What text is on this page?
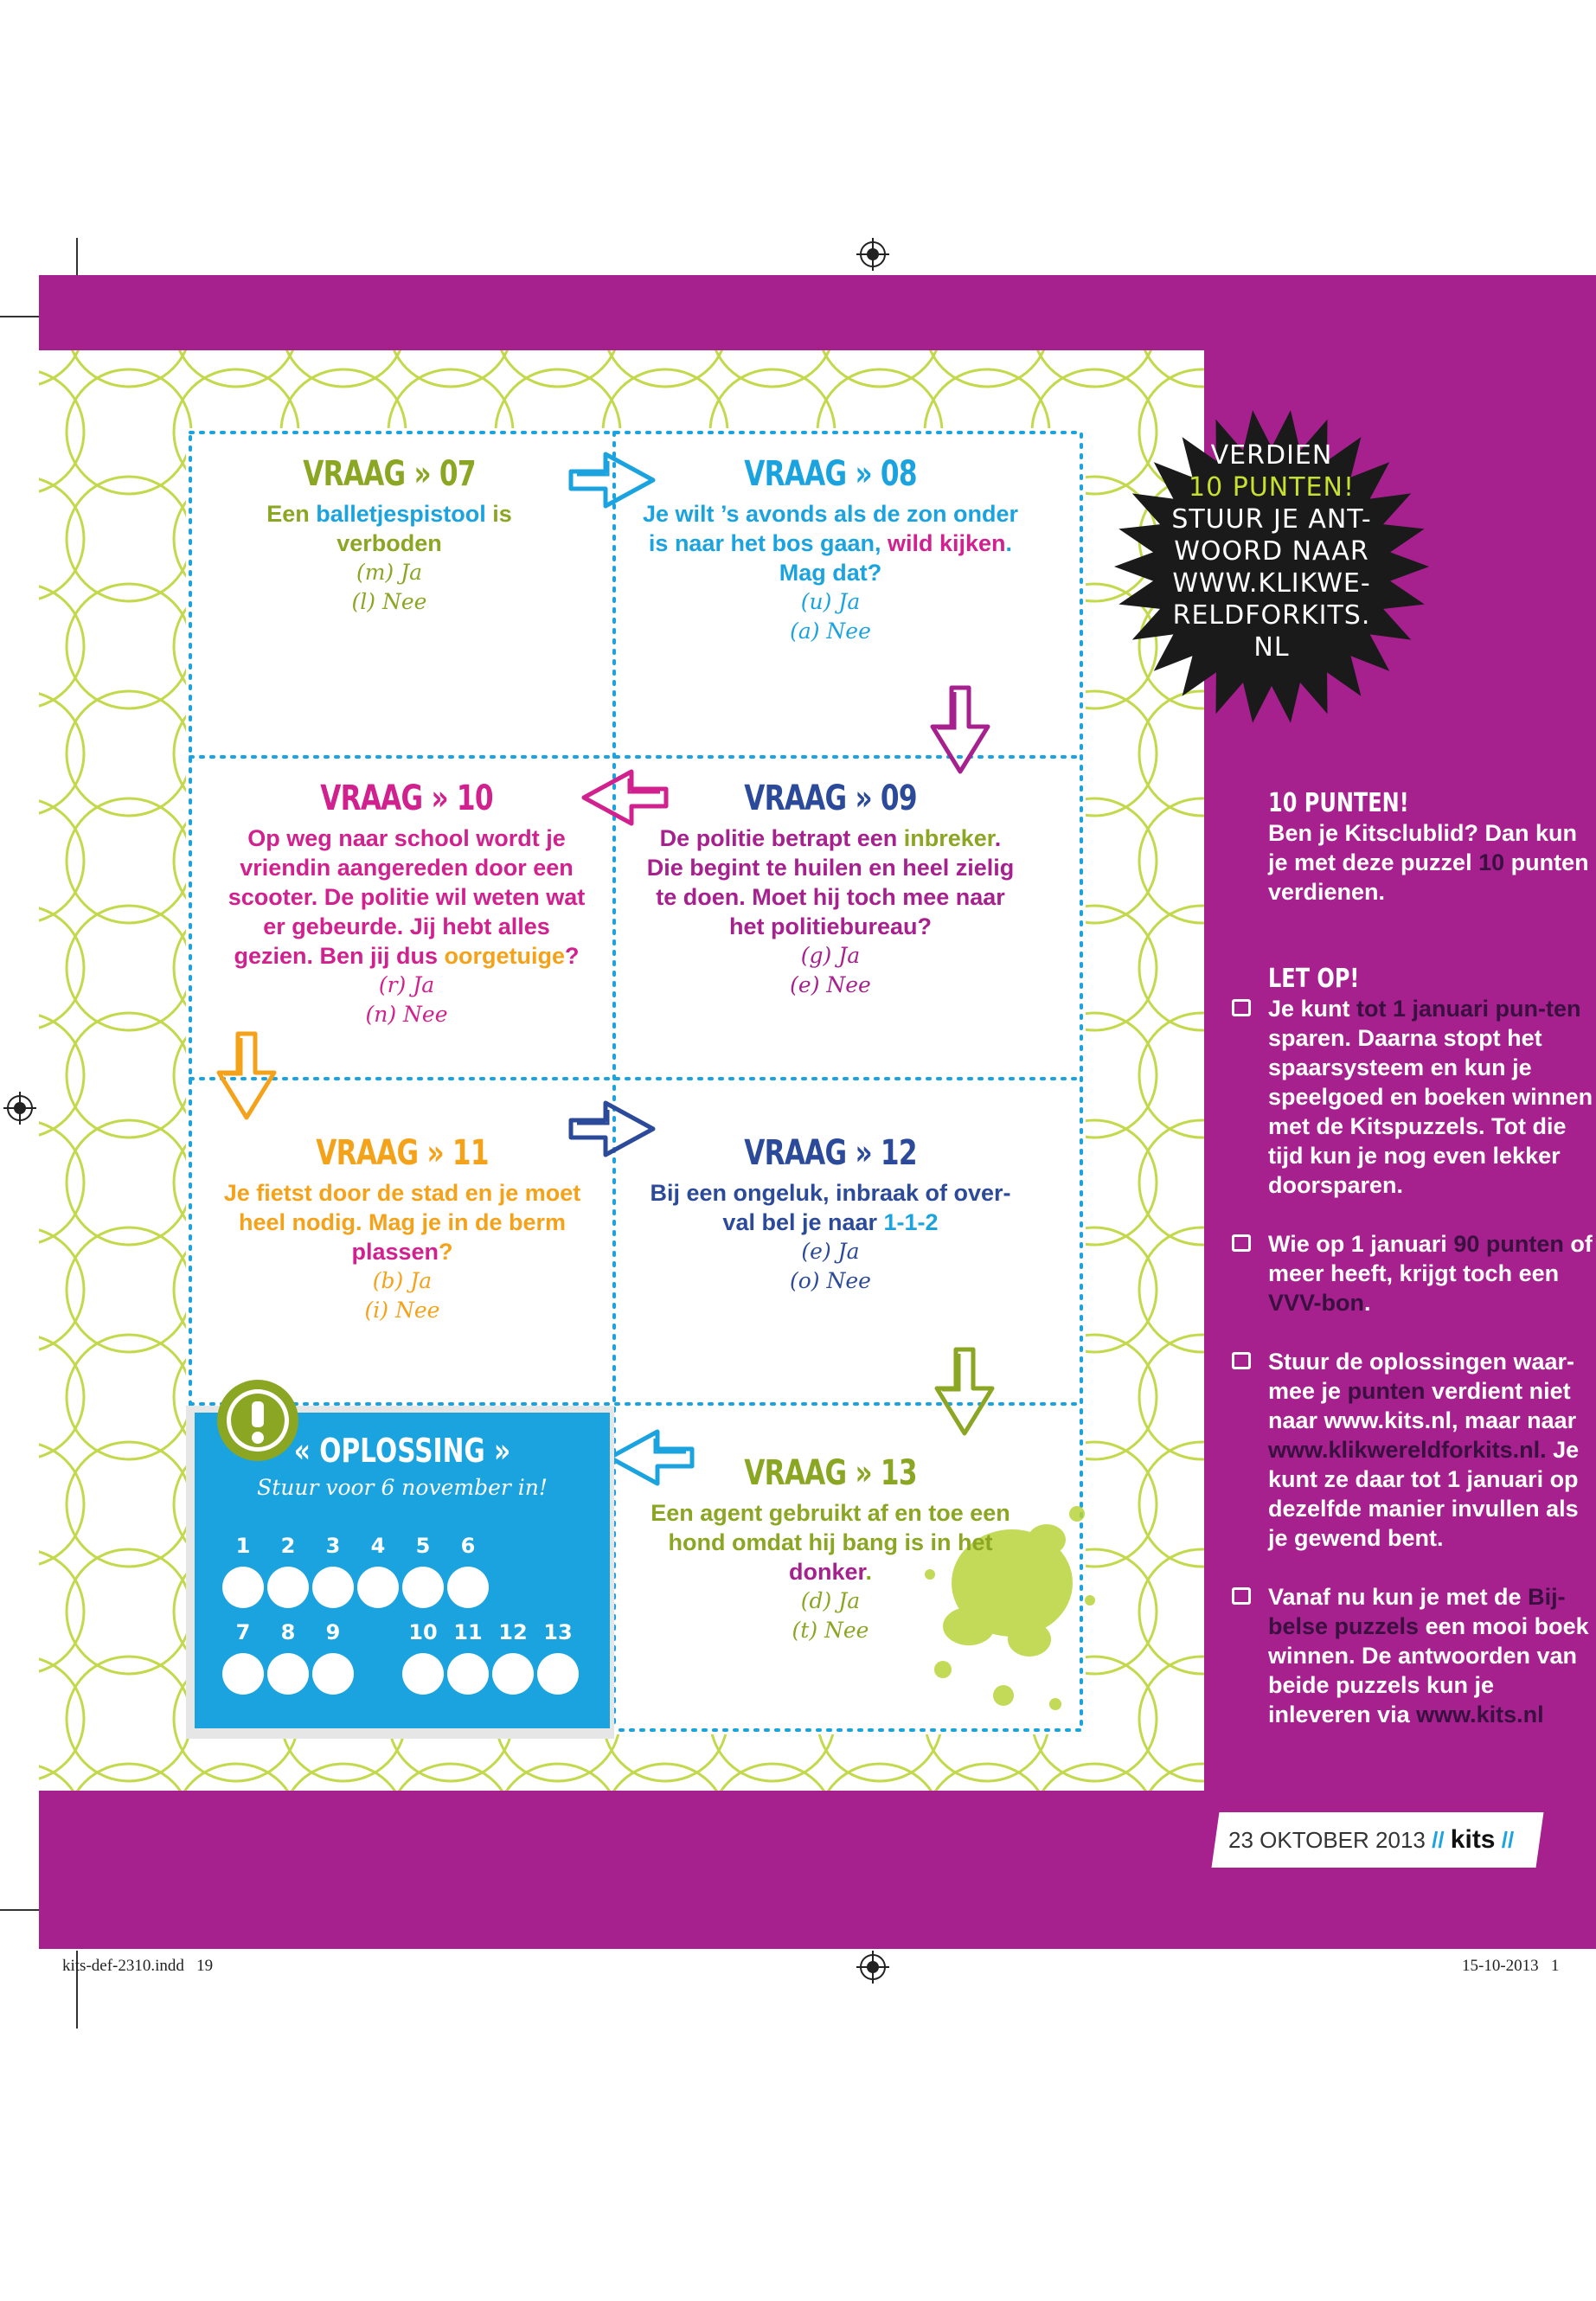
VRAAG » 07
Een balletjespistool is verboden
(m) Ja
(l) Nee
VRAAG » 08
Je wilt ’s avonds als de zon onder is naar het bos gaan, wild kijken. Mag dat?
(u) Ja
(a) Nee
VRAAG » 10
Op weg naar school wordt je vriendin aangereden door een scooter. De politie wil weten wat er gebeurde. Jij hebt alles gezien. Ben jij dus oorgetuige?
(r) Ja
(n) Nee
VRAAG » 09
De politie betrapt een inbreker. Die begint te huilen en heel zielig te doen. Moet hij toch mee naar het politiebureau?
(g) Ja
(e) Nee
VRAAG » 11
Je fietst door de stad en je moet heel nodig. Mag je in de berm plassen?
(b) Ja
(i) Nee
VRAAG » 12
Bij een ongeluk, inbraak of over-val bel je naar 1-1-2
(e) Ja
(o) Nee
VRAAG » 13
Een agent gebruikt af en toe een hond omdat hij bang is in het donker.
(d) Ja
(t) Nee
« OPLOSSING »
Stuur voor 6 november in!
1	2	3	4	5	6
7	8	9	10 11 12 13
VERDIEN
10 PUNTEN!
STUUR JE ANT-
WOORD NAAR
WWW.KLIKWE-
RELDFORKITS.
NL
10 PUNTEN!
Ben je Kitsclublid? Dan kun je met deze puzzel 10 punten verdienen.
LET OP!
Je kunt tot 1 januari pun-ten sparen. Daarna stopt het spaarsysteem en kun je speelgoed en boeken winnen met de Kitspuzzels. Tot die tijd kun je nog even lekker doorsparen.
Wie op 1 januari 90 punten of meer heeft, krijgt toch een VVV-bon.
Stuur de oplossingen waar-mee je punten verdient niet naar www.kits.nl, maar naar www.klikwereldforkits.nl. Je kunt ze daar tot 1 januari op dezelfde manier invullen als je gewend bent.
Vanaf nu kun je met de Bij-belse puzzels een mooi boek winnen. De antwoorden van beide puzzels kun je inleveren via www.kits.nl
23 OKTOBER 2013 // kits //
kits-def-2310.indd   19	15-10-2013   1
